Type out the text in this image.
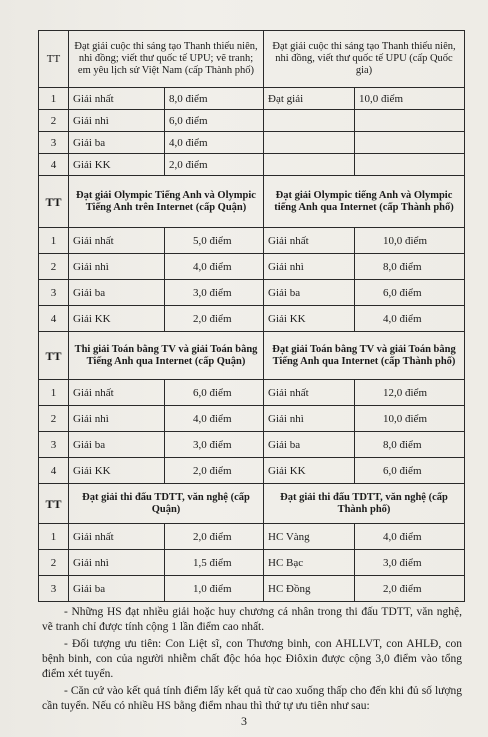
TT	Đạt giải cuộc thi sáng tạo Thanh thiếu niên, nhi đồng; viết thư quốc tế UPU; vẽ tranh; em yêu lịch sử Việt Nam (cấp Thành phố)		Đạt giải cuộc thi sáng tạo Thanh thiếu niên, nhi đồng, viết thư quốc tế UPU (cấp Quốc gia)	
1	Giải nhất	8,0 điểm	Đạt giải	10,0 điểm
2	Giải nhì	6,0 điểm		
3	Giải ba	4,0 điểm		
4	Giải KK	2,0 điểm		
TT	Đạt giải Olympic Tiếng Anh và Olympic Tiếng Anh trên Internet (cấp Quận)		Đạt giải Olympic tiếng Anh và Olympic tiếng Anh qua Internet (cấp Thành phố)	
1	Giải nhất	5,0 điểm	Giải nhất	10,0 điểm
2	Giải nhì	4,0 điểm	Giải nhì	8,0 điểm
3	Giải ba	3,0 điểm	Giải ba	6,0 điểm
4	Giải KK	2,0 điểm	Giải KK	4,0 điểm
TT	Thi giải Toán bằng TV và giải Toán bằng Tiếng Anh qua Internet (cấp Quận)		Đạt giải Toán bằng TV và giải Toán bằng Tiếng Anh qua Internet (cấp Thành phố)	
1	Giải nhất	6,0 điểm	Giải nhất	12,0 điểm
2	Giải nhì	4,0 điểm	Giải nhì	10,0 điểm
3	Giải ba	3,0 điểm	Giải ba	8,0 điểm
4	Giải KK	2,0 điểm	Giải KK	6,0 điểm
TT	Đạt giải thi đấu TDTT, văn nghệ (cấp Quận)		Đạt giải thi đấu TDTT, văn nghệ (cấp Thành phố)	
1	Giải nhất	2,0 điểm	HC Vàng	4,0 điểm
2	Giải nhì	1,5 điểm	HC Bạc	3,0 điểm
3	Giải ba	1,0 điểm	HC Đồng	2,0 điểm

- Những HS đạt nhiều giải hoặc huy chương cá nhân trong thi đấu TDTT, văn nghệ, vẽ tranh chỉ được tính cộng 1 lần điểm cao nhất.

- Đối tượng ưu tiên: Con Liệt sĩ, con Thương binh, con AHLLVT, con AHLĐ, con bệnh binh, con của người nhiễm chất độc hóa học Điôxin được cộng 3,0 điểm vào tổng điểm xét tuyển.

- Căn cứ vào kết quả tính điểm lấy kết quả từ cao xuống thấp cho đến khi đủ số lượng cần tuyển. Nếu có nhiều HS bằng điểm nhau thì thứ tự ưu tiên như sau:

3
